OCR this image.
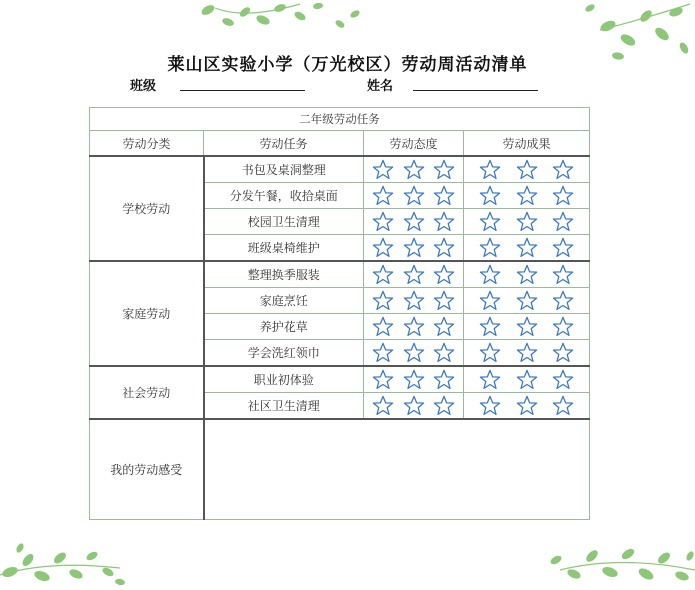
莱山区实验小学（万光校区）劳动周活动清单
班级	姓名
二年级劳动任务			
劳动分类	劳动任务	劳动态度	劳动成果
学校劳动	书包及桌洞整理	

	分发午餐，收拾桌面	

	校园卫生清理	

	班级桌椅维护	

家庭劳动	整理换季服装	

	家庭烹饪	

	养护花草	

	学会洗红领巾	

社会劳动	职业初体验	

	社区卫生清理	

我的劳动感受			
